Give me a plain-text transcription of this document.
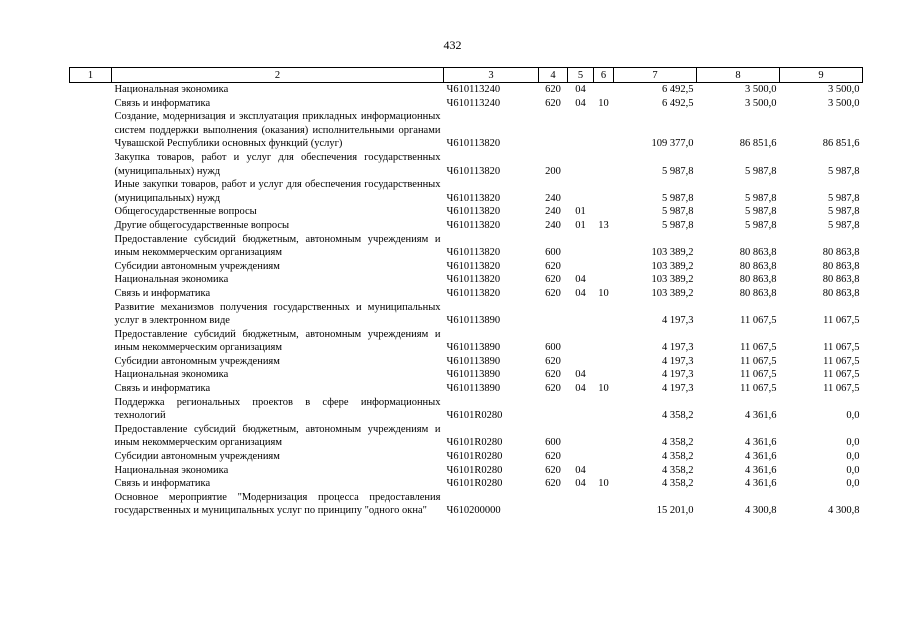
432
1	2	3	4	5	6	7	8	9
	Национальная экономика	Ч610113240	620	04		6 492,5	3 500,0	3 500,0
	Связь и информатика	Ч610113240	620	04	10	6 492,5	3 500,0	3 500,0
	Создание, модернизация и эксплуатация прикладных информационных систем поддержки выполнения (оказания) исполнительными органами Чувашской Республики основных функций (услуг)	Ч610113820				109 377,0	86 851,6	86 851,6
	Закупка товаров, работ и услуг для обеспечения государственных (муниципальных) нужд	Ч610113820	200			5 987,8	5 987,8	5 987,8
	Иные закупки товаров, работ и услуг для обеспечения государственных (муниципальных) нужд	Ч610113820	240			5 987,8	5 987,8	5 987,8
	Общегосударственные вопросы	Ч610113820	240	01		5 987,8	5 987,8	5 987,8
	Другие общегосударственные вопросы	Ч610113820	240	01	13	5 987,8	5 987,8	5 987,8
	Предоставление субсидий бюджетным, автономным учреждениям и иным некоммерческим организациям	Ч610113820	600			103 389,2	80 863,8	80 863,8
	Субсидии автономным учреждениям	Ч610113820	620			103 389,2	80 863,8	80 863,8
	Национальная экономика	Ч610113820	620	04		103 389,2	80 863,8	80 863,8
	Связь и информатика	Ч610113820	620	04	10	103 389,2	80 863,8	80 863,8
	Развитие механизмов получения государственных и муниципальных услуг в электронном виде	Ч610113890				4 197,3	11 067,5	11 067,5
	Предоставление субсидий бюджетным, автономным учреждениям и иным некоммерческим организациям	Ч610113890	600			4 197,3	11 067,5	11 067,5
	Субсидии автономным учреждениям	Ч610113890	620			4 197,3	11 067,5	11 067,5
	Национальная экономика	Ч610113890	620	04		4 197,3	11 067,5	11 067,5
	Связь и информатика	Ч610113890	620	04	10	4 197,3	11 067,5	11 067,5
	Поддержка региональных проектов в сфере информационных технологий	Ч6101R0280				4 358,2	4 361,6	0,0
	Предоставление субсидий бюджетным, автономным учреждениям и иным некоммерческим организациям	Ч6101R0280	600			4 358,2	4 361,6	0,0
	Субсидии автономным учреждениям	Ч6101R0280	620			4 358,2	4 361,6	0,0
	Национальная экономика	Ч6101R0280	620	04		4 358,2	4 361,6	0,0
	Связь и информатика	Ч6101R0280	620	04	10	4 358,2	4 361,6	0,0
	Основное мероприятие "Модернизация процесса предоставления государственных и муниципальных услуг по принципу "одного окна"	Ч610200000				15 201,0	4 300,8	4 300,8
